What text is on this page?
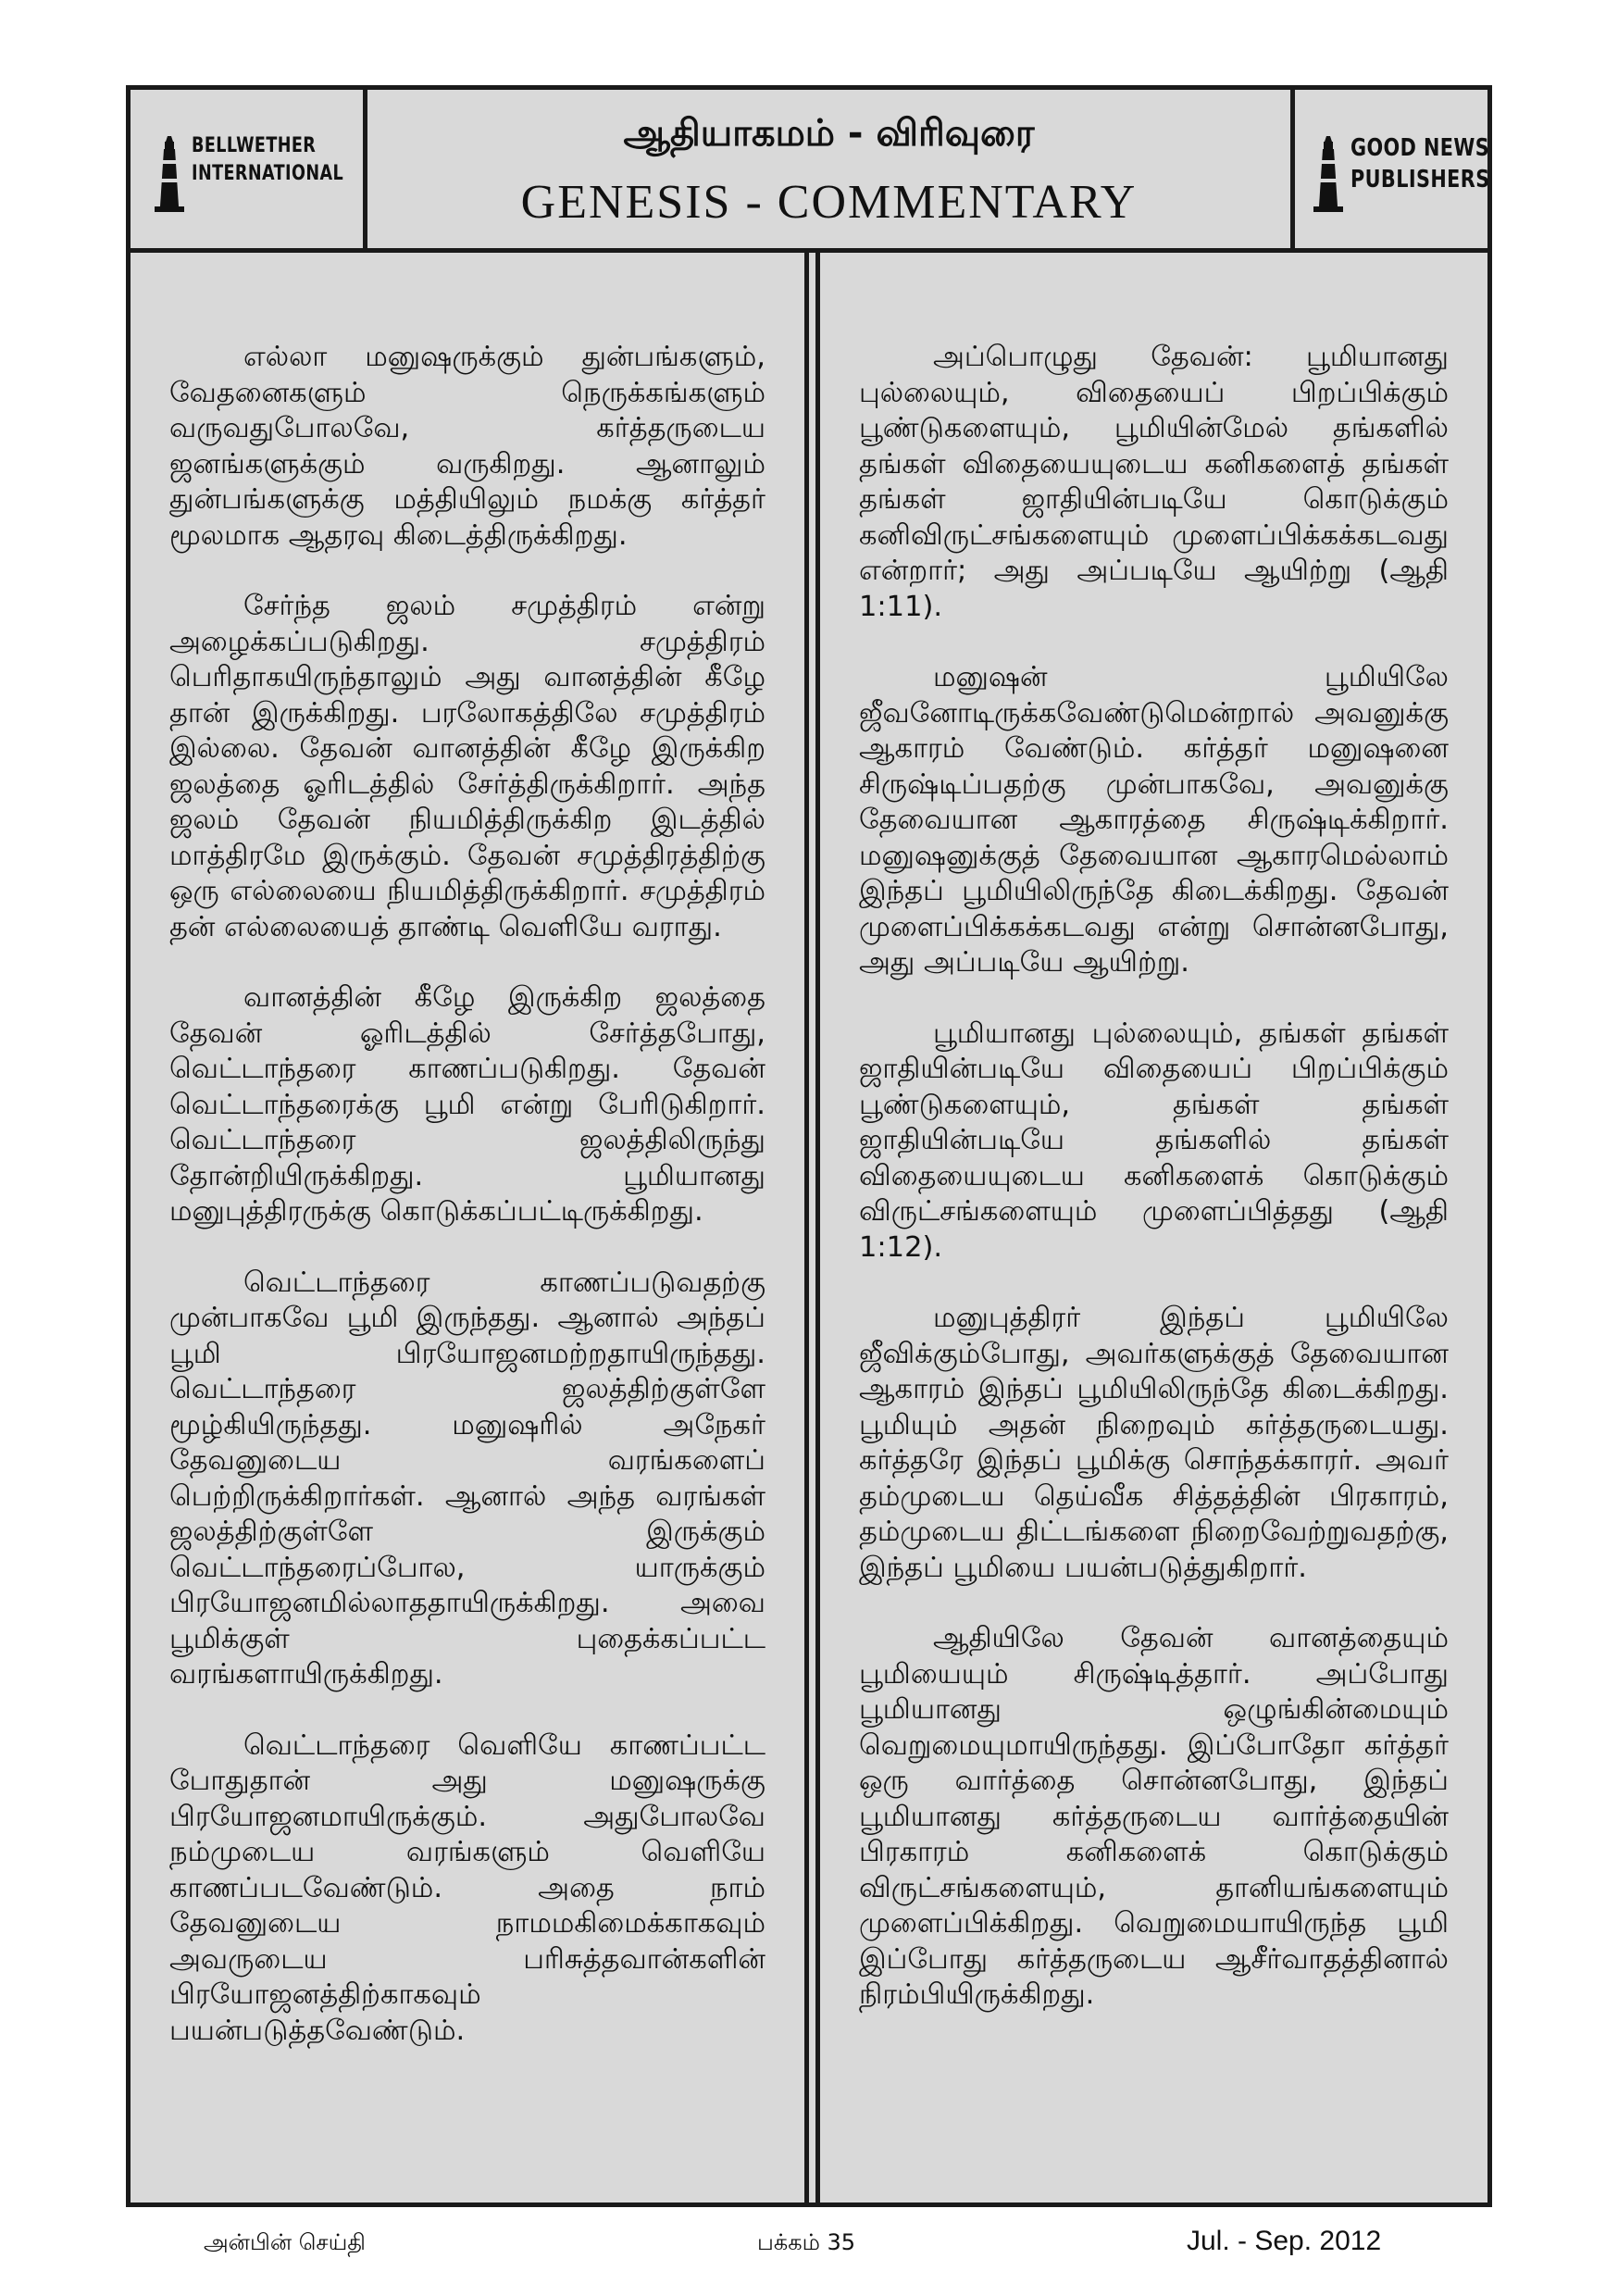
BELLWETHER
INTERNATIONAL
ஆதியாகமம் - விரிவுரை
GENESIS - COMMENTARY
GOOD NEWS
PUBLISHERS

எல்லா மனுஷருக்கும் துன்பங்களும், வேதனைகளும் நெருக்கங்களும் வருவதுபோலவே, கர்த்தருடைய ஜனங்களுக்கும் வருகிறது. ஆனாலும் துன்பங்களுக்கு மத்தியிலும் நமக்கு கர்த்தர் மூலமாக ஆதரவு கிடைத்திருக்கிறது.

சேர்ந்த ஜலம் சமுத்திரம் என்று அழைக்கப்படுகிறது. சமுத்திரம் பெரிதாகயிருந்தாலும் அது வானத்தின் கீழே தான் இருக்கிறது. பரலோகத்திலே சமுத்திரம் இல்லை. தேவன் வானத்தின் கீழே இருக்கிற ஜலத்தை ஓரிடத்தில் சேர்த்திருக்கிறார். அந்த ஜலம் தேவன் நியமித்திருக்கிற இடத்தில் மாத்திரமே இருக்கும். தேவன் சமுத்திரத்திற்கு ஒரு எல்லையை நியமித்திருக்கிறார். சமுத்திரம் தன் எல்லையைத் தாண்டி வெளியே வராது.

வானத்தின் கீழே இருக்கிற ஜலத்தை தேவன் ஓரிடத்தில் சேர்த்தபோது, வெட்டாந்தரை காணப்படுகிறது. தேவன் வெட்டாந்தரைக்கு பூமி என்று பேரிடுகிறார். வெட்டாந்தரை ஜலத்திலிருந்து தோன்றியிருக்கிறது. பூமியானது மனுபுத்திரருக்கு கொடுக்கப்பட்டிருக்கிறது.

வெட்டாந்தரை காணப்படுவதற்கு முன்பாகவே பூமி இருந்தது. ஆனால் அந்தப் பூமி பிரயோஜனமற்றதாயிருந்தது. வெட்டாந்தரை ஜலத்திற்குள்ளே மூழ்கியிருந்தது. மனுஷரில் அநேகர் தேவனுடைய வரங்களைப் பெற்றிருக்கிறார்கள். ஆனால் அந்த வரங்கள் ஜலத்திற்குள்ளே இருக்கும் வெட்டாந்தரைப்போல, யாருக்கும் பிரயோஜனமில்லாததாயிருக்கிறது. அவை பூமிக்குள் புதைக்கப்பட்ட வரங்களாயிருக்கிறது.

வெட்டாந்தரை வெளியே காணப்பட்ட போதுதான் அது மனுஷருக்கு பிரயோஜனமாயிருக்கும். அதுபோலவே நம்முடைய வரங்களும் வெளியே காணப்படவேண்டும். அதை நாம் தேவனுடைய நாமமகிமைக்காகவும் அவருடைய பரிசுத்தவான்களின் பிரயோஜனத்திற்காகவும் பயன்படுத்தவேண்டும்.

அப்பொழுது தேவன்: பூமியானது புல்லையும், விதையைப் பிறப்பிக்கும் பூண்டுகளையும், பூமியின்மேல் தங்களில் தங்கள் விதையையுடைய கனிகளைத் தங்கள் தங்கள் ஜாதியின்படியே கொடுக்கும் கனிவிருட்சங்களையும் முளைப்பிக்கக்கடவது என்றார்; அது அப்படியே ஆயிற்று (ஆதி 1:11).

மனுஷன் பூமியிலே ஜீவனோடிருக்கவேண்டுமென்றால் அவனுக்கு ஆகாரம் வேண்டும். கர்த்தர் மனுஷனை சிருஷ்டிப்பதற்கு முன்பாகவே, அவனுக்கு தேவையான ஆகாரத்தை சிருஷ்டிக்கிறார். மனுஷனுக்குத் தேவையான ஆகாரமெல்லாம் இந்தப் பூமியிலிருந்தே கிடைக்கிறது. தேவன் முளைப்பிக்கக்கடவது என்று சொன்னபோது, அது அப்படியே ஆயிற்று.

பூமியானது புல்லையும், தங்கள் தங்கள் ஜாதியின்படியே விதையைப் பிறப்பிக்கும் பூண்டுகளையும், தங்கள் தங்கள் ஜாதியின்படியே தங்களில் தங்கள் விதையையுடைய கனிகளைக் கொடுக்கும் விருட்சங்களையும் முளைப்பித்தது (ஆதி 1:12).

மனுபுத்திரர் இந்தப் பூமியிலே ஜீவிக்கும்போது, அவர்களுக்குத் தேவையான ஆகாரம் இந்தப் பூமியிலிருந்தே கிடைக்கிறது. பூமியும் அதன் நிறைவும் கர்த்தருடையது. கர்த்தரே இந்தப் பூமிக்கு சொந்தக்காரர். அவர் தம்முடைய தெய்வீக சித்தத்தின் பிரகாரம், தம்முடைய திட்டங்களை நிறைவேற்றுவதற்கு, இந்தப் பூமியை பயன்படுத்துகிறார்.

ஆதியிலே தேவன் வானத்தையும் பூமியையும் சிருஷ்டித்தார். அப்போது பூமியானது ஒழுங்கின்மையும் வெறுமையுமாயிருந்தது. இப்போதோ கர்த்தர் ஒரு வார்த்தை சொன்னபோது, இந்தப் பூமியானது கர்த்தருடைய வார்த்தையின் பிரகாரம் கனிகளைக் கொடுக்கும் விருட்சங்களையும், தானியங்களையும் முளைப்பிக்கிறது. வெறுமையாயிருந்த பூமி இப்போது கர்த்தருடைய ஆசீர்வாதத்தினால் நிரம்பியிருக்கிறது.

அன்பின் செய்தி	பக்கம் 35	Jul. - Sep. 2012
